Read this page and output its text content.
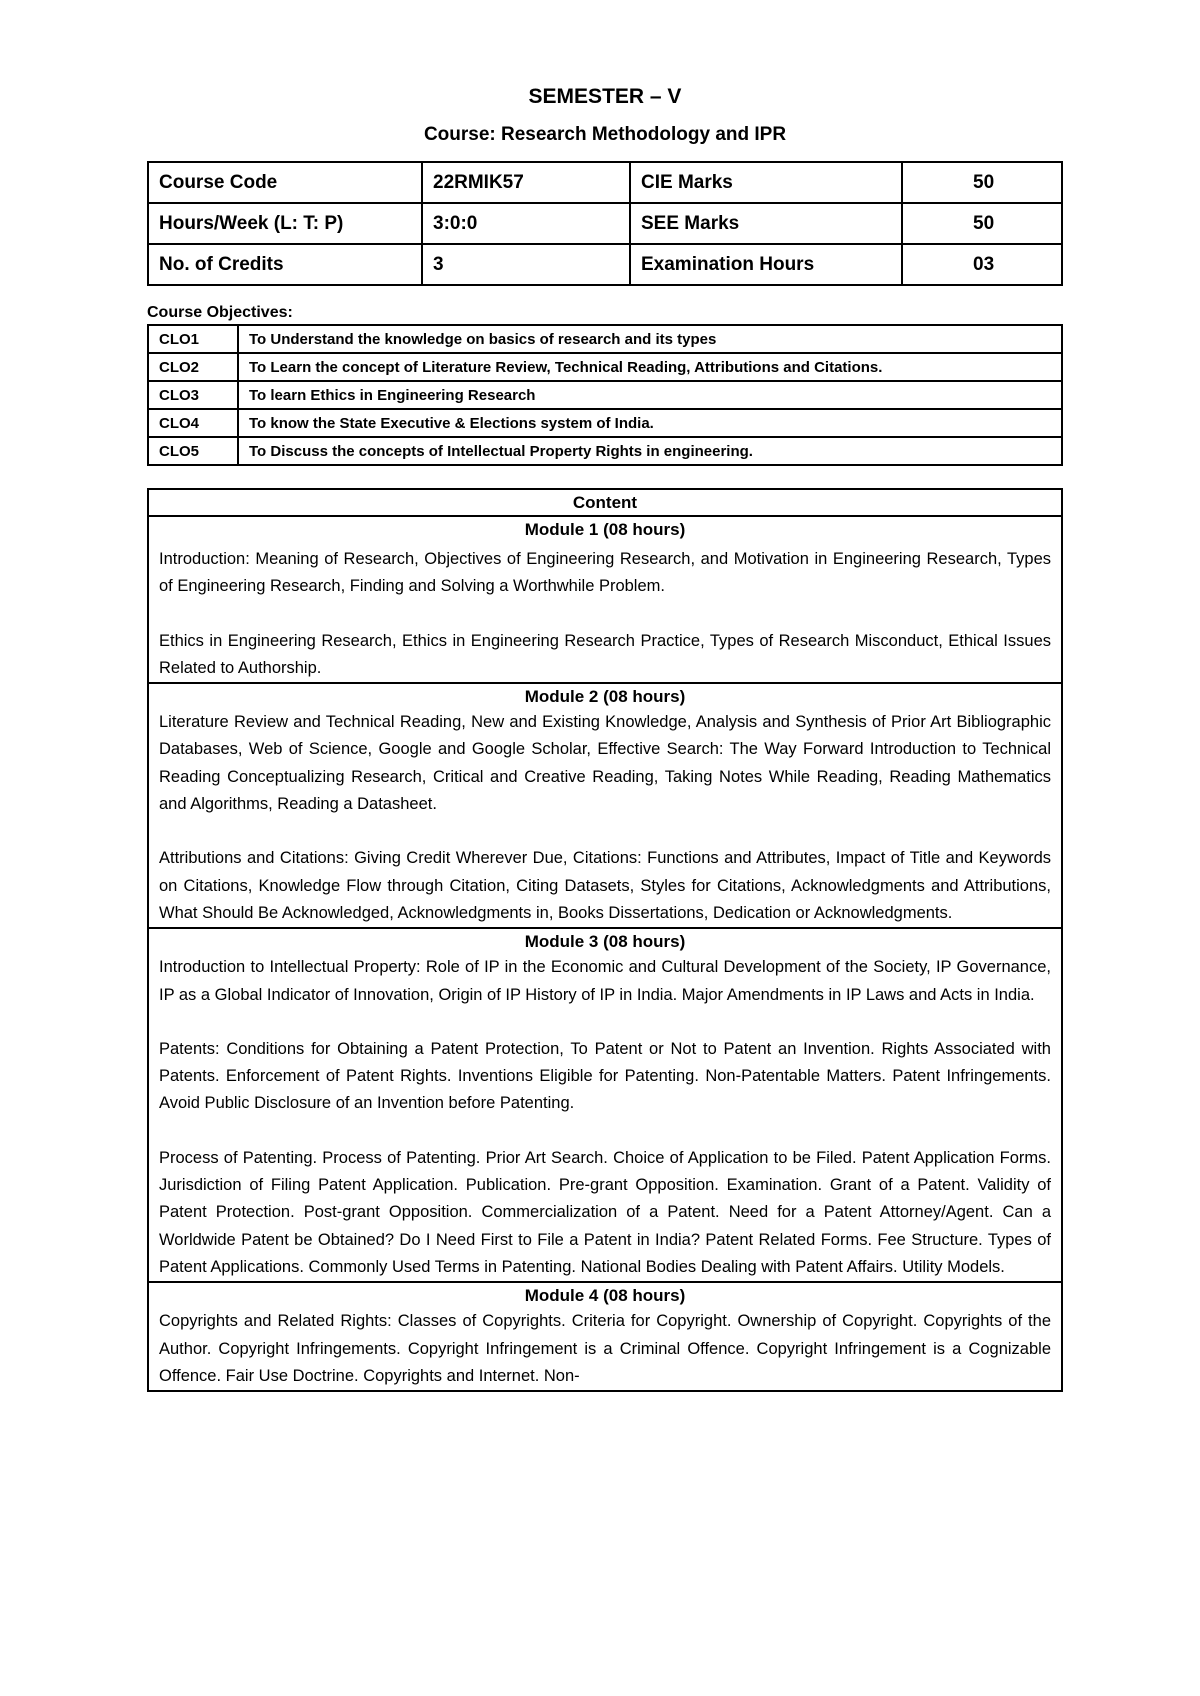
SEMESTER – V
Course: Research Methodology and IPR
Course Code	22RMIK57	CIE Marks	50
Hours/Week (L: T: P)	3:0:0	SEE Marks	50
No. of Credits	3	Examination Hours	03
Course Objectives:
CLO1	To Understand the knowledge on basics of research and its types
CLO2	To Learn the concept of Literature Review, Technical Reading, Attributions and Citations.
CLO3	To learn Ethics in Engineering Research
CLO4	To know the State Executive & Elections system of India.
CLO5	To Discuss the concepts of Intellectual Property Rights in engineering.
Content

Module 1 (08 hours)

Introduction: Meaning of Research, Objectives of Engineering Research, and Motivation in Engineering Research, Types of Engineering Research, Finding and Solving a Worthwhile Problem.

Ethics in Engineering Research, Ethics in Engineering Research Practice, Types of Research Misconduct, Ethical Issues Related to Authorship.

Module 2 (08 hours)

Literature Review and Technical Reading, New and Existing Knowledge, Analysis and Synthesis of Prior Art Bibliographic Databases, Web of Science, Google and Google Scholar, Effective Search: The Way Forward Introduction to Technical Reading Conceptualizing Research, Critical and Creative Reading, Taking Notes While Reading, Reading Mathematics and Algorithms, Reading a Datasheet.

Attributions and Citations: Giving Credit Wherever Due, Citations: Functions and Attributes, Impact of Title and Keywords on Citations, Knowledge Flow through Citation, Citing Datasets, Styles for Citations, Acknowledgments and Attributions, What Should Be Acknowledged, Acknowledgments in, Books Dissertations, Dedication or Acknowledgments.

Module 3 (08 hours)

Introduction to Intellectual Property: Role of IP in the Economic and Cultural Development of the Society, IP Governance, IP as a Global Indicator of Innovation, Origin of IP History of IP in India. Major Amendments in IP Laws and Acts in India.

Patents: Conditions for Obtaining a Patent Protection, To Patent or Not to Patent an Invention. Rights Associated with Patents. Enforcement of Patent Rights. Inventions Eligible for Patenting. Non-Patentable Matters. Patent Infringements. Avoid Public Disclosure of an Invention before Patenting.

Process of Patenting. Process of Patenting. Prior Art Search. Choice of Application to be Filed. Patent Application Forms. Jurisdiction of Filing Patent Application. Publication. Pre-grant Opposition. Examination. Grant of a Patent. Validity of Patent Protection. Post-grant Opposition. Commercialization of a Patent. Need for a Patent Attorney/Agent. Can a Worldwide Patent be Obtained? Do I Need First to File a Patent in India? Patent Related Forms. Fee Structure. Types of Patent Applications. Commonly Used Terms in Patenting. National Bodies Dealing with Patent Affairs. Utility Models.

Module 4 (08 hours)

Copyrights and Related Rights: Classes of Copyrights. Criteria for Copyright. Ownership of Copyright. Copyrights of the Author. Copyright Infringements. Copyright Infringement is a Criminal Offence. Copyright Infringement is a Cognizable Offence. Fair Use Doctrine. Copyrights and Internet. Non-
